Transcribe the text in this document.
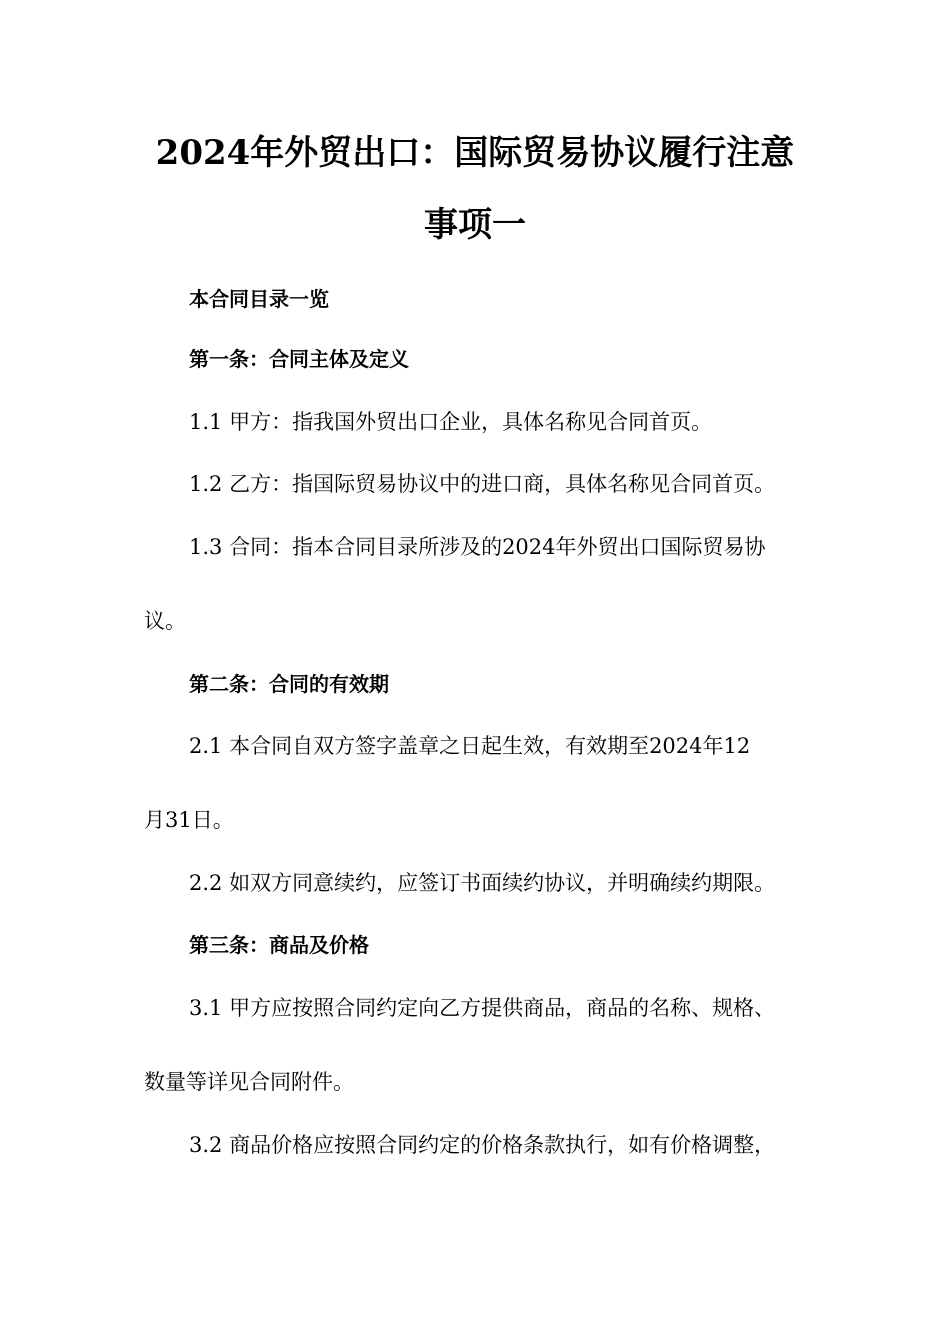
2024年外贸出口：国际贸易协议履行注意
事项一
本合同目录一览
第一条：合同主体及定义
1.1 甲方：指我国外贸出口企业，具体名称见合同首页。
1.2 乙方：指国际贸易协议中的进口商，具体名称见合同首页。
1.3 合同：指本合同目录所涉及的2024年外贸出口国际贸易协
议。
第二条：合同的有效期
2.1 本合同自双方签字盖章之日起生效，有效期至2024年12
月31日。
2.2 如双方同意续约，应签订书面续约协议，并明确续约期限。
第三条：商品及价格
3.1 甲方应按照合同约定向乙方提供商品，商品的名称、规格、
数量等详见合同附件。
3.2 商品价格应按照合同约定的价格条款执行，如有价格调整，
